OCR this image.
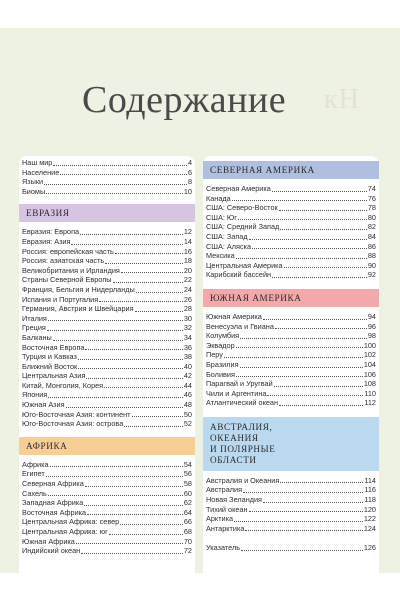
Содержание кН
Наш мир	4
Население	6
Языки	8
Биомы	10
ЕВРАЗИЯ
Евразия: Европа	12
Евразия: Азия	14
Россия: европейская часть	16
Россия: азиатская часть	18
Великобритания и Ирландия	20
Страны Северной Европы	22
Франция, Бельгия и Нидерланды	24
Испания и Португалия	26
Германия, Австрия и Швейцария	28
Италия	30
Греция	32
Балканы	34
Восточная Европа	36
Турция и Кавказ	38
Ближний Восток	40
Центральная Азия	42
Китай, Монголия, Корея	44
Япония	46
Южная Азия	48
Юго-Восточная Азия: континент	50
Юго-Восточная Азия: острова	52
АФРИКА
Африка	54
Египет	56
Северная Африка	58
Сахель	60
Западная Африка	62
Восточная Африка	64
Центральная Африка: север	66
Центральная Африка: юг	68
Южная Африка	70
Индийский океан	72
СЕВЕРНАЯ АМЕРИКА
Северная Америка	74
Канада	76
США: Северо-Восток	78
США: Юг	80
США: Средний Запад	82
США: Запад	84
США: Аляска	86
Мексика	88
Центральная Америка	90
Карибский бассейн	92
ЮЖНАЯ АМЕРИКА
Южная Америка	94
Венесуэла и Гвиана	96
Колумбия	98
Эквадор	100
Перу	102
Бразилия	104
Боливия	106
Парагвай и Уругвай	108
Чили и Аргентина	110
Атлантический океан	112
АВСТРАЛИЯ,
ОКЕАНИЯ
И ПОЛЯРНЫЕ
ОБЛАСТИ
Австралия и Океания	114
Австралия	116
Новая Зеландия	118
Тихий океан	120
Арктика	122
Антарктика	124
Указатель	126
